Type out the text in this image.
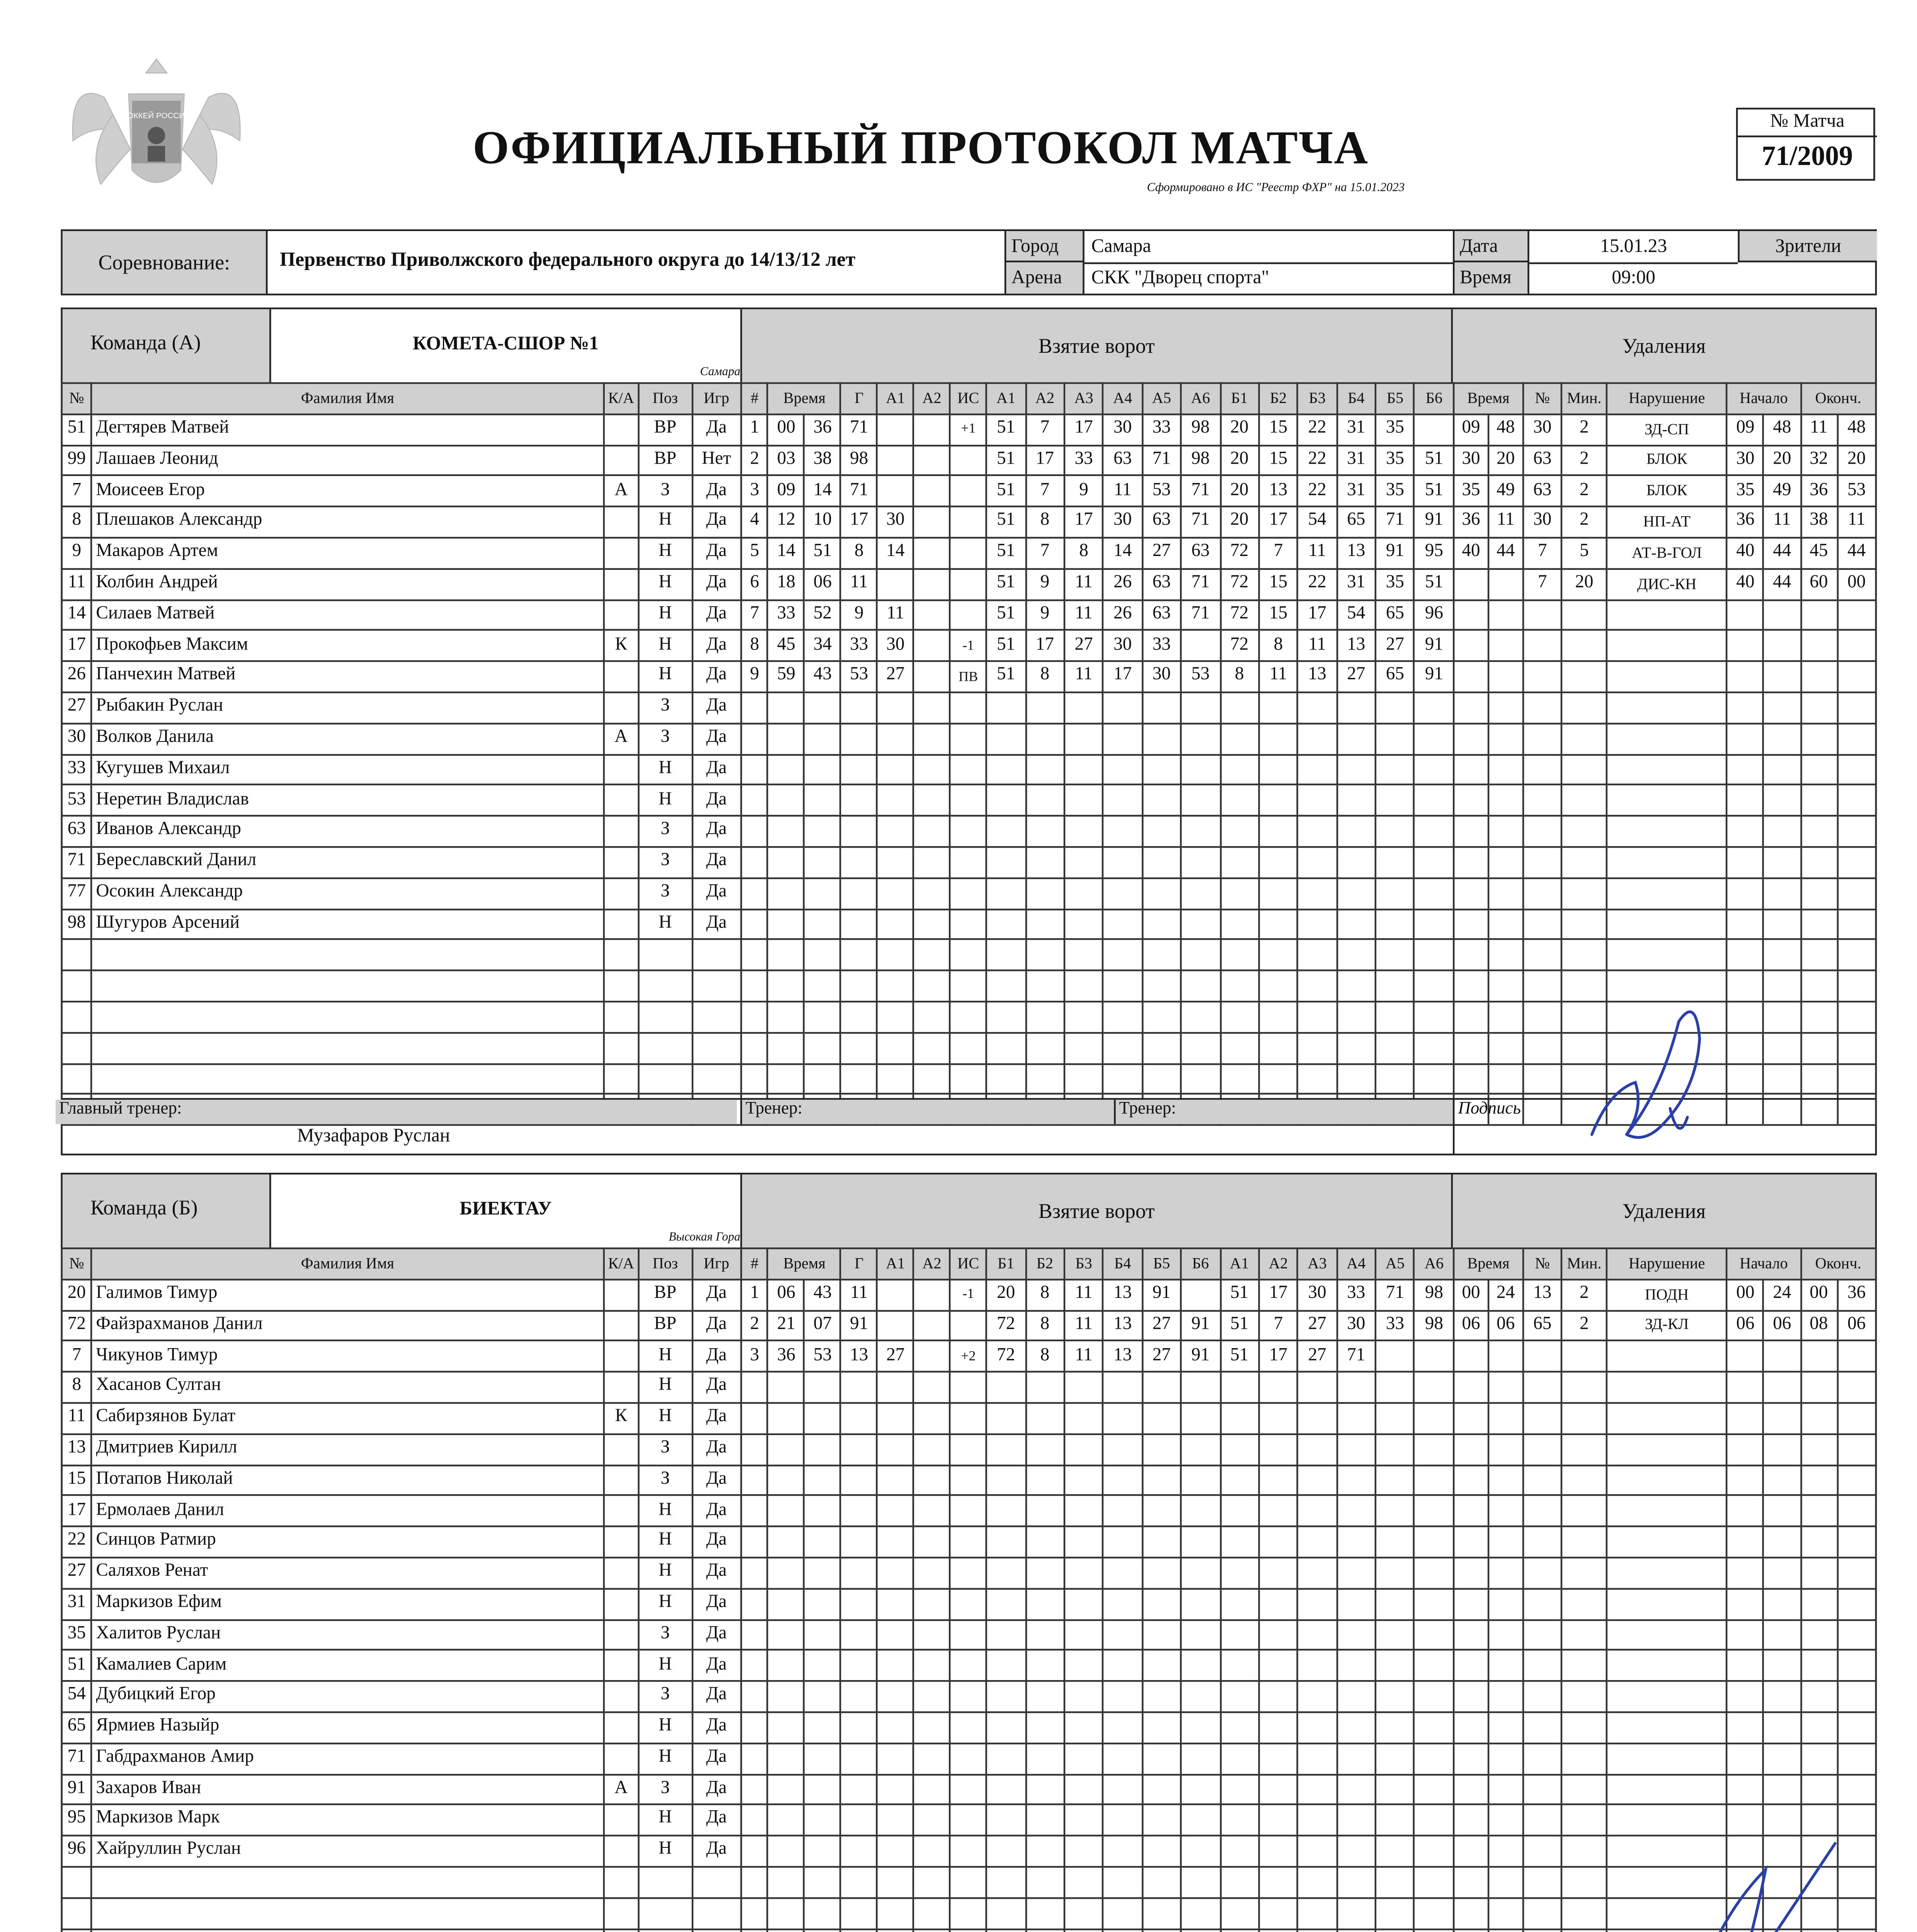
ХОККЕЙ РОССИИ
ОФИЦИАЛЬНЫЙ ПРОТОКОЛ МАТЧА
Сформировано в ИС "Реестр ФХР" на 15.01.2023
№ Матча
71/2009
Соревнование:	Первенство Приволжского федерального округа до 14/13/12 лет
Город	Самара
Арена	СКК "Дворец спорта"
Дата	15.01.23
Время	09:00
Зрители
Команда (А)	КОМЕТА-СШОР №1
Самара
Взятие ворот	Удаления
№	Фамилия Имя	К/А	Поз	Игр
51	Дегтярев Матвей		ВР	Да
99	Лашаев Леонид		ВР	Нет
7	Моисеев Егор	А	З	Да
8	Плешаков Александр		Н	Да
9	Макаров Артем		Н	Да
11	Колбин Андрей		Н	Да
14	Силаев Матвей		Н	Да
17	Прокофьев Максим	К	Н	Да
26	Панчехин Матвей		Н	Да
27	Рыбакин Руслан		З	Да
30	Волков Данила	А	З	Да
33	Кугушев Михаил		Н	Да
53	Неретин Владислав		Н	Да
63	Иванов Александр		З	Да
71	Береславский Данил		З	Да
77	Осокин Александр		З	Да
98	Шугуров Арсений		Н	Да

#	Время		Г	А1	А2	ИС	А1	А2	А3	А4	А5	А6	Б1	Б2	Б3	Б4	Б5	Б6
1	00	36	71			+1	51	7	17	30	33	98	20	15	22	31	35	
2	03	38	98				51	17	33	63	71	98	20	15	22	31	35	51
3	09	14	71				51	7	9	11	53	71	20	13	22	31	35	51
4	12	10	17	30			51	8	17	30	63	71	20	17	54	65	71	91
5	14	51	8	14			51	7	8	14	27	63	72	7	11	13	91	95
6	18	06	11				51	9	11	26	63	71	72	15	22	31	35	51
7	33	52	9	11			51	9	11	26	63	71	72	15	17	54	65	96
8	45	34	33	30		-1	51	17	27	30	33		72	8	11	13	27	91
9	59	43	53	27		ПВ	51	8	11	17	30	53	8	11	13	27	65	91

Время		№	Мин.	Нарушение	Начало		Оконч.	
09	48	30	2	ЗД-СП	09	48	11	48
30	20	63	2	БЛОК	30	20	32	20
35	49	63	2	БЛОК	35	49	36	53
36	11	30	2	НП-АТ	36	11	38	11
40	44	7	5	АТ-В-ГОЛ	40	44	45	44
		7	20	ДИС-КН	40	44	60	00

Главный тренер:
Музафаров Руслан
Тренер:	Тренер:	Подпись
Команда (Б)	БИЕКТАУ
Высокая Гора
Взятие ворот	Удаления
№	Фамилия Имя	К/А	Поз	Игр
20	Галимов Тимур		ВР	Да
72	Файзрахманов Данил		ВР	Да
7	Чикунов Тимур		Н	Да
8	Хасанов Султан		Н	Да
11	Сабирзянов Булат	К	Н	Да
13	Дмитриев Кирилл		З	Да
15	Потапов Николай		З	Да
17	Ермолаев Данил		Н	Да
22	Синцов Ратмир		Н	Да
27	Саляхов Ренат		Н	Да
31	Маркизов Ефим		Н	Да
35	Халитов Руслан		З	Да
51	Камалиев Сарим		Н	Да
54	Дубицкий Егор		З	Да
65	Ярмиев Назыйр		Н	Да
71	Габдрахманов Амир		Н	Да
91	Захаров Иван	А	З	Да
95	Маркизов Марк		Н	Да
96	Хайруллин Руслан		Н	Да

#	Время		Г	А1	А2	ИС	Б1	Б2	Б3	Б4	Б5	Б6	А1	А2	А3	А4	А5	А6
1	06	43	11			-1	20	8	11	13	91		51	17	30	33	71	98
2	21	07	91				72	8	11	13	27	91	51	7	27	30	33	98
3	36	53	13	27		+2	72	8	11	13	27	91	51	17	27	71		

Время		№	Мин.	Нарушение	Начало		Оконч.	
00	24	13	2	ПОДН	00	24	00	36
06	06	65	2	ЗД-КЛ	06	06	08	06
